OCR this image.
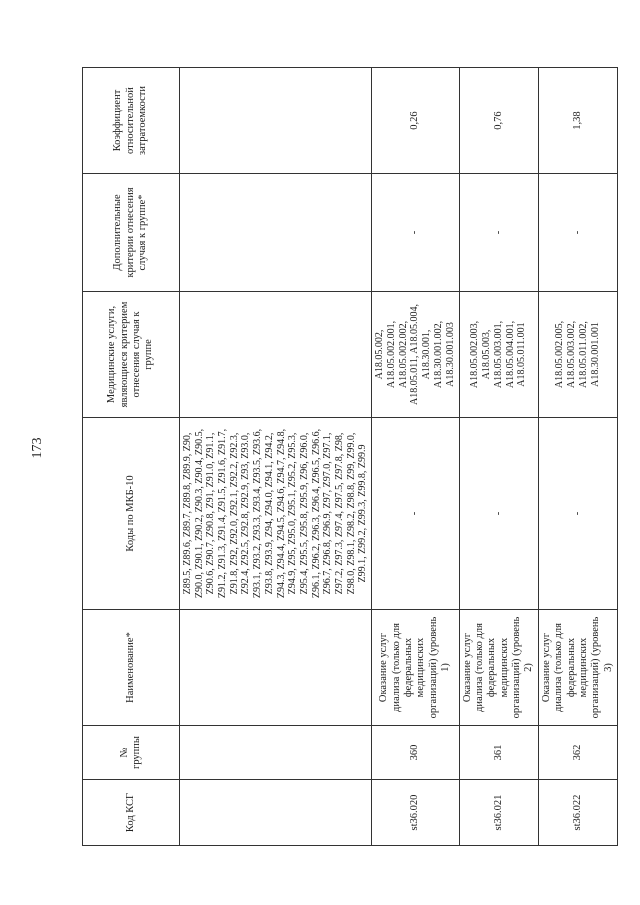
173
Код КСГ	№ группы	Наименование*	Коды по МКБ-10	Медицинские услуги, являющиеся критерием отнесения случая к группе	Дополнительные критерии отнесения случая к группе*	Коэффициент относительной затратоемкости
			Z89.5, Z89.6, Z89.7, Z89.8, Z89.9, Z90, Z90.0, Z90.1, Z90.2, Z90.3, Z90.4, Z90.5, Z90.6, Z90.7, Z90.8, Z91, Z91.0, Z91.1, Z91.2, Z91.3, Z91.4, Z91.5, Z91.6, Z91.7, Z91.8, Z92, Z92.0, Z92.1, Z92.2, Z92.3, Z92.4, Z92.5, Z92.8, Z92.9, Z93, Z93.0, Z93.1, Z93.2, Z93.3, Z93.4, Z93.5, Z93.6, Z93.8, Z93.9, Z94, Z94.0, Z94.1, Z94.2, Z94.3, Z94.4, Z94.5, Z94.6, Z94.7, Z94.8, Z94.9, Z95, Z95.0, Z95.1, Z95.2, Z95.3, Z95.4, Z95.5, Z95.8, Z95.9, Z96, Z96.0, Z96.1, Z96.2, Z96.3, Z96.4, Z96.5, Z96.6, Z96.7, Z96.8, Z96.9, Z97, Z97.0, Z97.1, Z97.2, Z97.3, Z97.4, Z97.5, Z97.8, Z98, Z98.0, Z98.1, Z98.2, Z98.8, Z99, Z99.0, Z99.1, Z99.2, Z99.3, Z99.8, Z99.9			
st36.020	360	Оказание услуг диализа (только для федеральных медицинских организаций) (уровень 1)	-	A18.05.002, A18.05.002.001, A18.05.002.002, A18.05.011, A18.05.004, A18.30.001, A18.30.001.002, A18.30.001.003	-	0,26
st36.021	361	Оказание услуг диализа (только для федеральных медицинских организаций) (уровень 2)	-	A18.05.002.003, A18.05.003, A18.05.003.001, A18.05.004.001, A18.05.011.001	-	0,76
st36.022	362	Оказание услуг диализа (только для федеральных медицинских организаций) (уровень 3)	-	A18.05.002.005, A18.05.003.002, A18.05.011.002, A18.30.001.001	-	1,38
